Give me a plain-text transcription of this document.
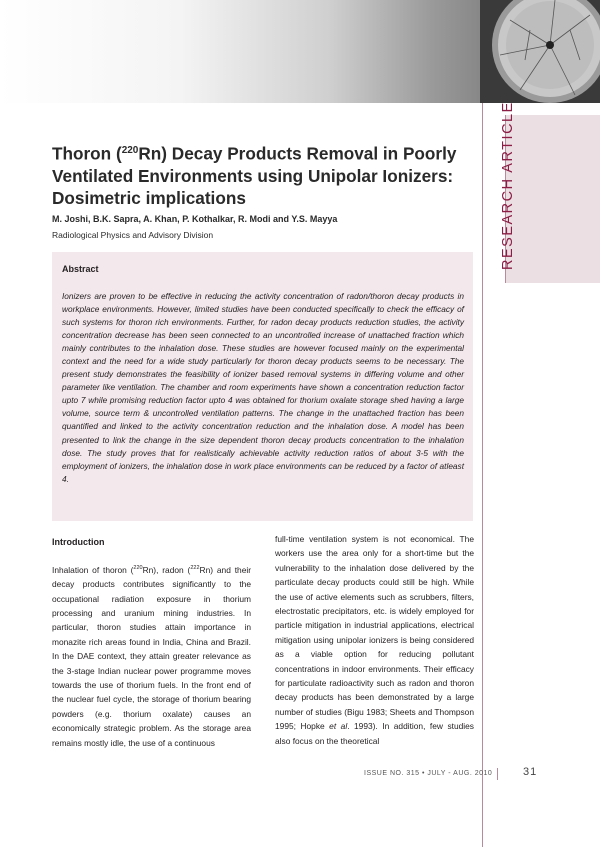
RESEARCH ARTICLE
Thoron ($^{220}$Rn) Decay Products Removal in Poorly Ventilated Environments using Unipolar Ionizers: Dosimetric implications
M. Joshi, B.K. Sapra, A. Khan, P. Kothalkar, R. Modi and Y.S. Mayya
Radiological Physics and Advisory Division
Abstract

Ionizers are proven to be effective in reducing the activity concentration of radon/thoron decay products in workplace environments. However, limited studies have been conducted specifically to check the efficacy of such systems for thoron rich environments. Further, for radon decay products reduction studies, the activity concentration decrease has been seen connected to an uncontrolled increase of unattached fraction which mainly contributes to the inhalation dose. These studies are however focused mainly on the experimental context and the need for a wide study particularly for thoron decay products seems to be necessary. The present study demonstrates the feasibility of ionizer based removal systems in differing volume and other parameter like ventilation. The chamber and room experiments have shown a concentration reduction factor upto 7 while promising reduction factor upto 4 was obtained for thorium oxalate storage shed having a large volume, source term & uncontrolled ventilation patterns. The change in the unattached fraction has been quantified and linked to the activity concentration reduction and the inhalation dose. A model has been presented to link the change in the size dependent thoron decay products concentration to the inhalation dose. The study proves that for realistically achievable activity reduction ratios of about 3-5 with the employment of ionizers, the inhalation dose in work place environments can be reduced by a factor of atleast 4.

Introduction

Inhalation of thoron ($^{220}$Rn), radon ($^{222}$Rn) and their decay products contributes significantly to the occupational radiation exposure in thorium processing and uranium mining industries. In particular, thoron studies attain importance in monazite rich areas found in India, China and Brazil. In the DAE context, they attain greater relevance as the 3-stage Indian nuclear power programme moves towards the use of thorium fuels. In the front end of the nuclear fuel cycle, the storage of thorium bearing powders (e.g. thorium oxalate) causes an economically strategic problem. As the storage area remains mostly idle, the use of a continuous

full-time ventilation system is not economical. The workers use the area only for a short-time but the vulnerability to the inhalation dose delivered by the particulate decay products could still be high. While the use of active elements such as scrubbers, filters, electrostatic precipitators, etc. is widely employed for particle mitigation in industrial applications, electrical mitigation using unipolar ionizers is being considered as a viable option for reducing pollutant concentrations in indoor environments. Their efficacy for particulate radioactivity such as radon and thoron decay products has been demonstrated by a large number of studies (Bigu 1983; Sheets and Thompson 1995; Hopke et al. 1993). In addition, few studies also focus on the theoretical

ISSUE NO. 315 • JULY - AUG. 2010	31
